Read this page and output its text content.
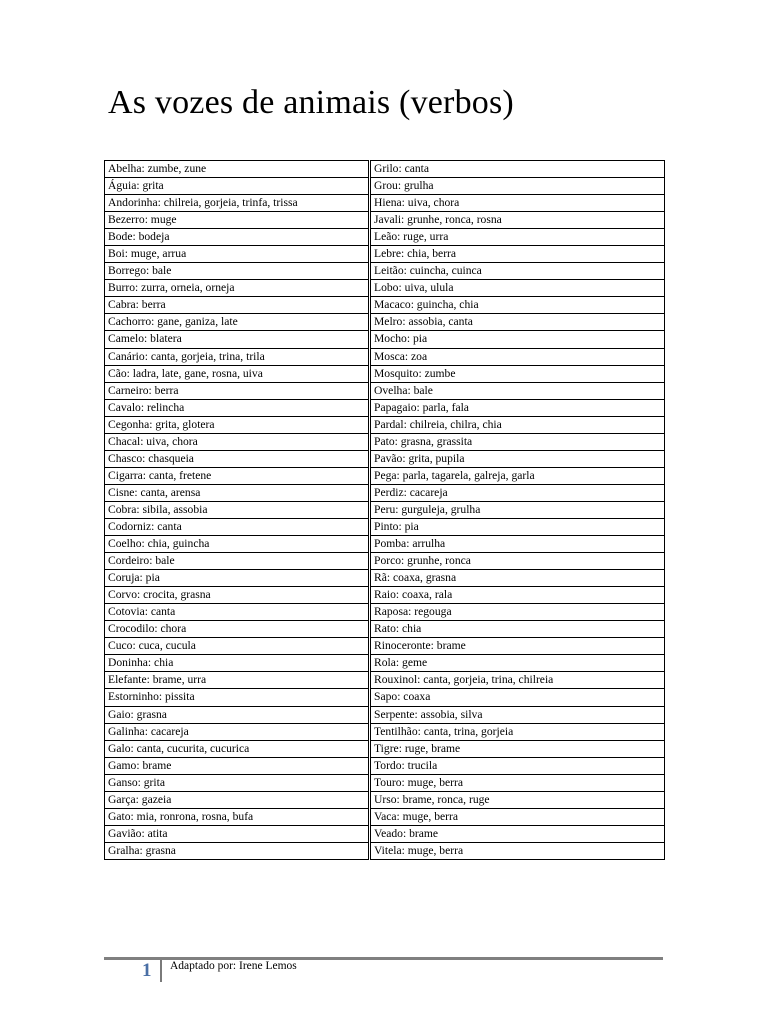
As vozes de animais (verbos)
Abelha: zumbe, zune
Águia: grita
Andorinha: chilreia, gorjeia, trinfa, trissa
Bezerro: muge
Bode: bodeja
Boi: muge, arrua
Borrego: bale
Burro: zurra, orneia, orneja
Cabra: berra
Cachorro: gane, ganiza, late
Camelo: blatera
Canário: canta, gorjeia, trina, trila
Cão: ladra, late, gane, rosna, uiva
Carneiro: berra
Cavalo: relincha
Cegonha: grita, glotera
Chacal: uiva, chora
Chasco: chasqueia
Cigarra: canta, fretene
Cisne: canta, arensa
Cobra: sibila, assobia
Codorniz: canta
Coelho: chia, guincha
Cordeiro: bale
Coruja: pia
Corvo: crocita, grasna
Cotovia: canta
Crocodilo: chora
Cuco: cuca, cucula
Doninha: chia
Elefante: brame, urra
Estorninho: pissita
Gaio: grasna
Galinha: cacareja
Galo: canta, cucurita, cucurica
Gamo: brame
Ganso: grita
Garça: gazeia
Gato: mia, ronrona, rosna, bufa
Gavião: atita
Gralha: grasna
Grilo: canta
Grou: grulha
Hiena: uiva, chora
Javali: grunhe, ronca, rosna
Leão: ruge, urra
Lebre: chia, berra
Leitão: cuincha, cuinca
Lobo: uiva, ulula
Macaco: guincha, chia
Melro: assobia, canta
Mocho: pia
Mosca: zoa
Mosquito: zumbe
Ovelha: bale
Papagaio: parla, fala
Pardal: chilreia, chilra, chia
Pato: grasna, grassita
Pavão: grita, pupila
Pega: parla, tagarela, galreja, garla
Perdiz: cacareja
Peru: gurguleja, grulha
Pinto: pia
Pomba: arrulha
Porco: grunhe, ronca
Rã: coaxa, grasna
Raio: coaxa, rala
Raposa: regouga
Rato: chia
Rinoceronte: brame
Rola: geme
Rouxinol: canta, gorjeia, trina, chilreia
Sapo: coaxa
Serpente: assobia, silva
Tentilhão: canta, trina, gorjeia
Tigre: ruge, brame
Tordo: trucila
Touro: muge, berra
Urso: brame, ronca, ruge
Vaca: muge, berra
Veado: brame
Vitela: muge, berra
1 Adaptado por: Irene Lemos
